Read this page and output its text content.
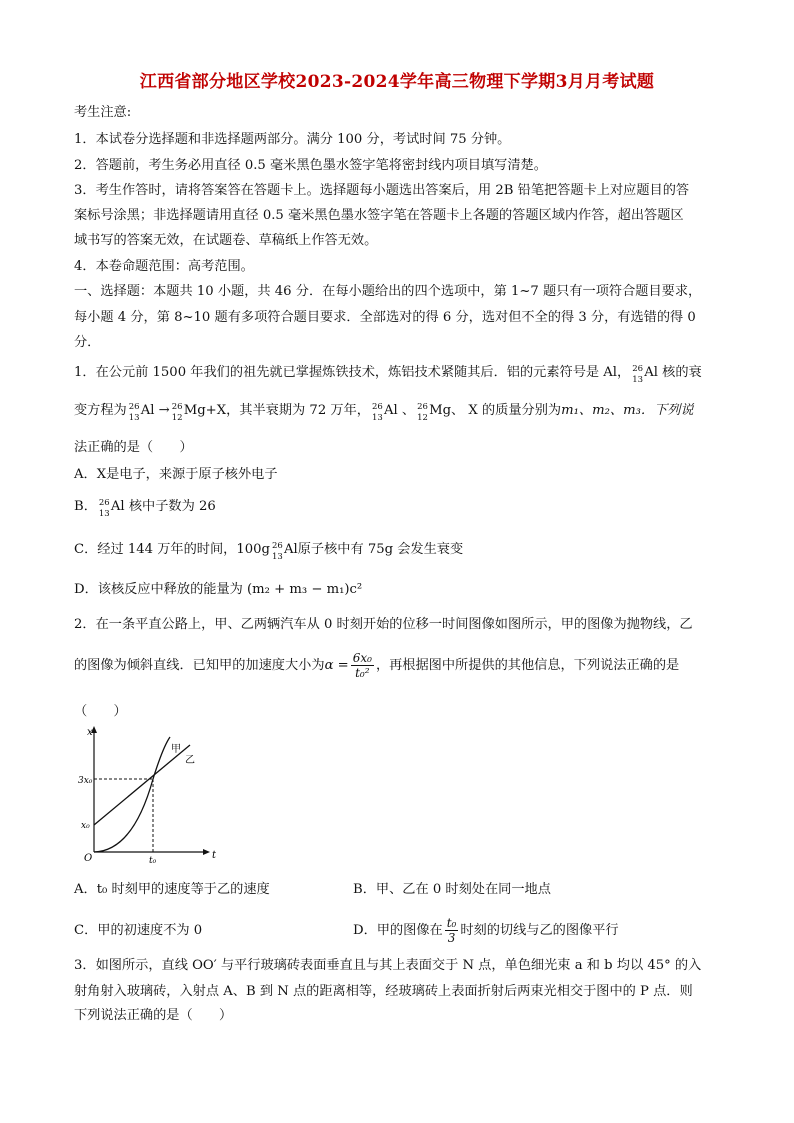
江西省部分地区学校2023-2024学年高三物理下学期3月月考试题
考生注意:
1．本试卷分选择题和非选择题两部分。满分 100 分，考试时间 75 分钟。
2．答题前，考生务必用直径 0.5 毫米黑色墨水签字笔将密封线内项目填写清楚。
3．考生作答时，请将答案答在答题卡上。选择题每小题选出答案后，用 2B 铅笔把答题卡上对应题目的答
案标号涂黑；非选择题请用直径 0.5 毫米黑色墨水签字笔在答题卡上各题的答题区域内作答，超出答题区
域书写的答案无效，在试题卷、草稿纸上作答无效。
4．本卷命题范围：高考范围。
一、选择题：本题共 10 小题，共 46 分．在每小题给出的四个选项中，第 1~7 题只有一项符合题目要求，
每小题 4 分，第 8~10 题有多项符合题目要求．全部选对的得 6 分，选对但不全的得 3 分，有选错的得 0
分．
1．在公元前 1500 年我们的祖先就已掌握炼铁技术，炼铝技术紧随其后．铝的元素符号是 Al， 26
13 Al 核的衰
变方程为 26
13 Al → 26
12 Mg+X，其半衰期为 72 万年， 26
13 Al 、 26
12 Mg、 X 的质量分别为m₁、m₂、m₃．下列说
法正确的是（　　）
A．X是电子，来源于原子核外电子
B． 26
13 Al 核中子数为 26
C．经过 144 万年的时间，100g 26
13 Al原子核中有 75g 会发生衰变
D．该核反应中释放的能量为 (m₂ + m₃ − m₁)c²
2．在一条平直公路上，甲、乙两辆汽车从 0 时刻开始的位移一时间图像如图所示，甲的图像为抛物线，乙
的图像为倾斜直线．已知甲的加速度大小为$\alpha = \frac{\text{6x₀}}{\text{t₀²}}$ ，再根据图中所提供的其他信息，下列说法正确的是
（　　）
x
t
O
甲
乙
3x₀
x₀
t₀
A．t₀ 时刻甲的速度等于乙的速度	B．甲、乙在 0 时刻处在同一地点
C．甲的初速度不为 0	D．甲的图像在 $\frac{\text{t₀}}{3}$ 时刻的切线与乙的图像平行
3．如图所示，直线 OO′ 与平行玻璃砖表面垂直且与其上表面交于 N 点，单色细光束 a 和 b 均以 45° 的入
射角射入玻璃砖，入射点 A、B 到 N 点的距离相等，经玻璃砖上表面折射后两束光相交于图中的 P 点．则
下列说法正确的是（　　）
